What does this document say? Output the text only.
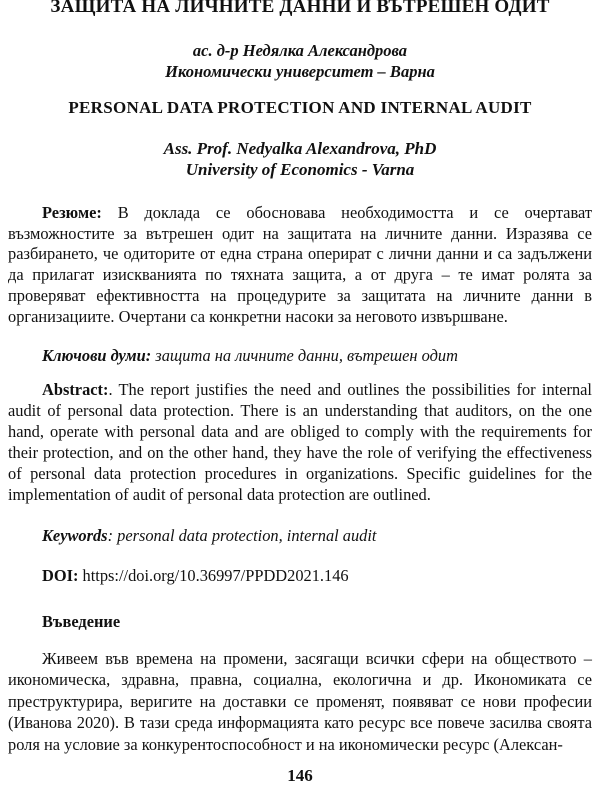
ЗАЩИТА НА ЛИЧНИТЕ ДАННИ И ВЪТРЕШЕН ОДИТ
ас. д-р Недялка Александрова
Икономически университет – Варна
PERSONAL DATA PROTECTION AND INTERNAL AUDIT
Ass. Prof. Nedyalka Alexandrova, PhD
University of Economics - Varna
Резюме: В доклада се обосновава необходимостта и се очертават възможностите за вътрешен одит на защитата на личните данни. Изразява се разбирането, че одиторите от една страна оперират с лични данни и са задължени да прилагат изискванията по тяхната защита, а от друга – те имат ролята за проверяват ефективността на процедурите за защитата на личните данни в организациите. Очертани са конкретни насоки за неговото извършване.
Ключови думи: защита на личните данни, вътрешен одит
Abstract:. The report justifies the need and outlines the possibilities for internal audit of personal data protection. There is an understanding that auditors, on the one hand, operate with personal data and are obliged to comply with the requirements for their protection, and on the other hand, they have the role of verifying the effectiveness of personal data protection procedures in organizations. Specific guidelines for the implementation of audit of personal data protection are outlined.
Keywords: personal data protection, internal audit
DOI: https://doi.org/10.36997/PPDD2021.146
Въведение
Живеем във времена на промени, засягащи всички сфери на обществото – икономическа, здравна, правна, социална, екологична и др. Икономиката се преструктурира, веригите на доставки се променят, появяват се нови професии (Иванова 2020). В тази среда информацията като ресурс все повече засилва своята роля на условие за конкурентоспособност и на икономически ресурс (Алексан-
146
